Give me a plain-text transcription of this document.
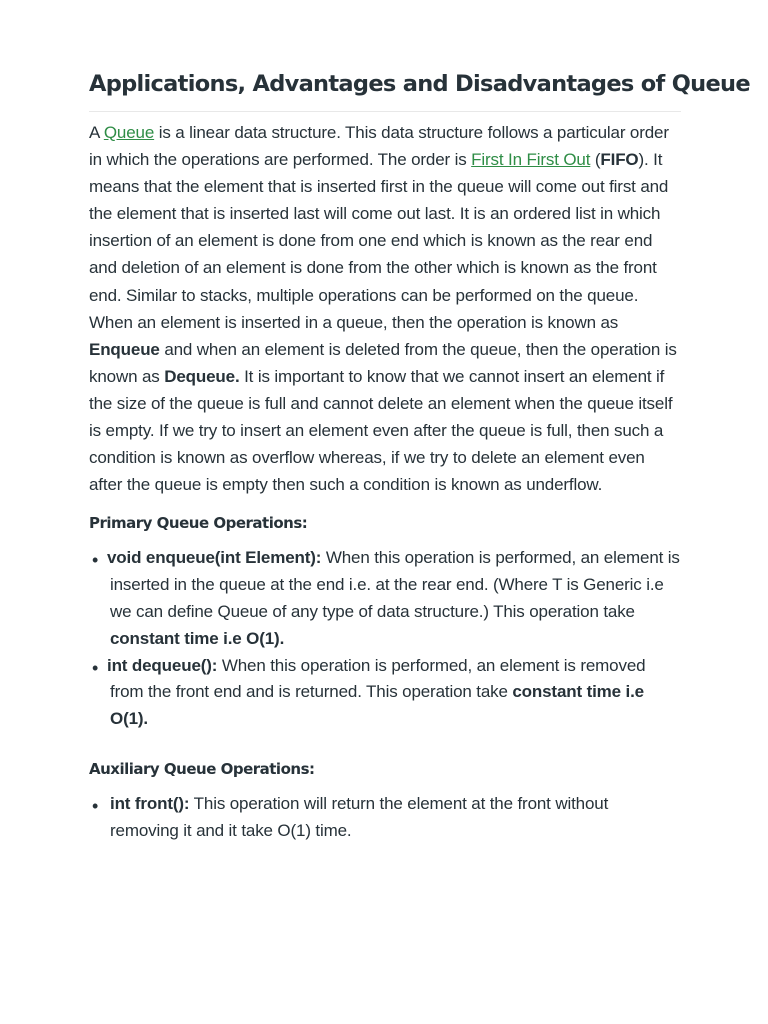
Applications, Advantages and Disadvantages of Queue

A Queue is a linear data structure. This data structure follows a particular order in which the operations are performed. The order is First In First Out (FIFO). It means that the element that is inserted first in the queue will come out first and the element that is inserted last will come out last. It is an ordered list in which insertion of an element is done from one end which is known as the rear end and deletion of an element is done from the other which is known as the front end. Similar to stacks, multiple operations can be performed on the queue. When an element is inserted in a queue, then the operation is known as Enqueue and when an element is deleted from the queue, then the operation is known as Dequeue. It is important to know that we cannot insert an element if the size of the queue is full and cannot delete an element when the queue itself is empty. If we try to insert an element even after the queue is full, then such a condition is known as overflow whereas, if we try to delete an element even after the queue is empty then such a condition is known as underflow.

Primary Queue Operations:
• void enqueue(int Element): When this operation is performed, an element is inserted in the queue at the end i.e. at the rear end. (Where T is Generic i.e we can define Queue of any type of data structure.) This operation take constant time i.e O(1).
• int dequeue(): When this operation is performed, an element is removed from the front end and is returned. This operation take constant time i.e O(1).
Auxiliary Queue Operations:
• int front(): This operation will return the element at the front without removing it and it take O(1) time.
